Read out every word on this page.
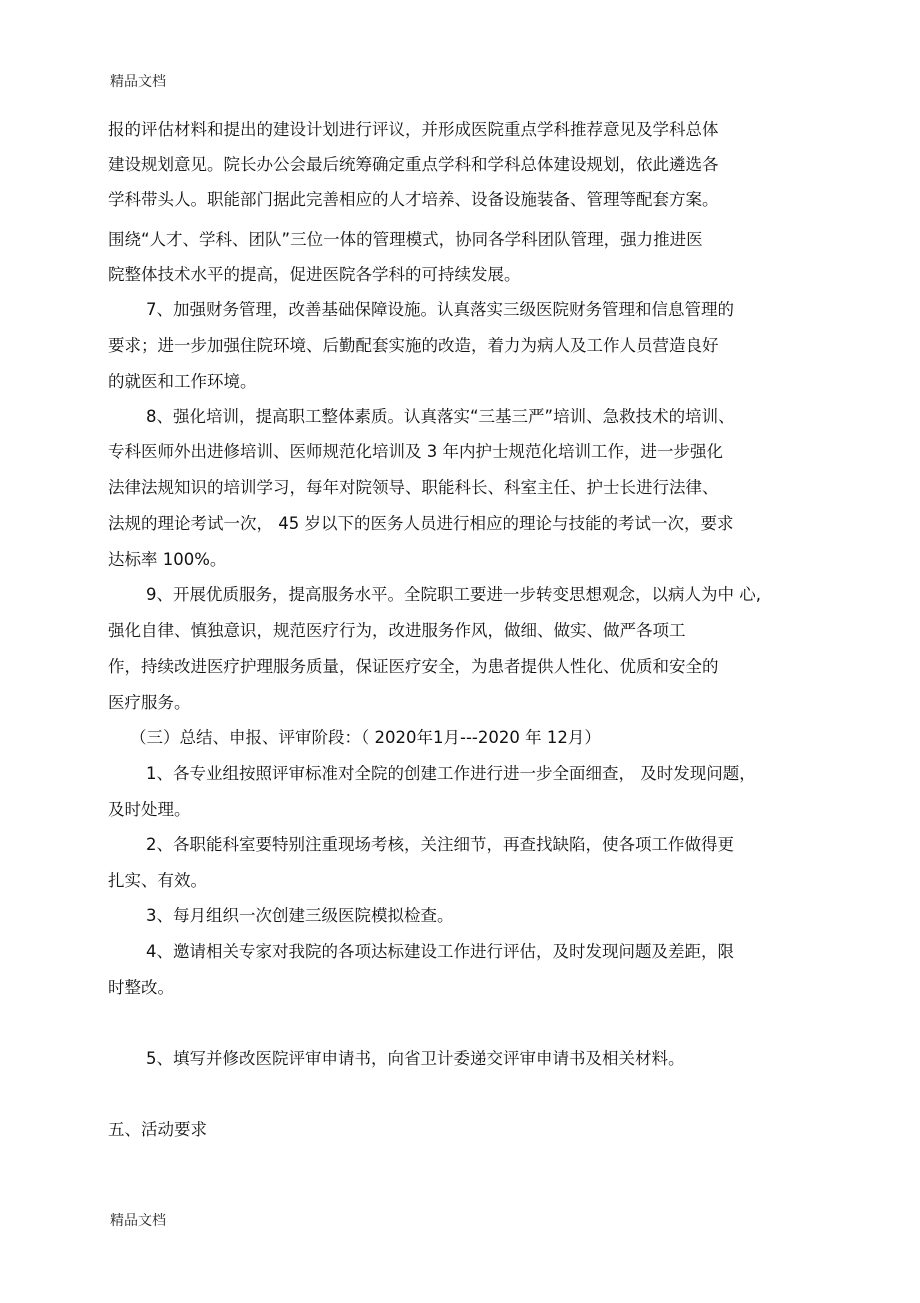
精品文档
报的评估材料和提出的建设计划进行评议，并形成医院重点学科推荐意见及学科总体
建设规划意见。院长办公会最后统筹确定重点学科和学科总体建设规划，依此遴选各
学科带头人。职能部门据此完善相应的人才培养、设备设施装备、管理等配套方案。
围绕“人才、学科、团队”三位一体的管理模式，协同各学科团队管理，强力推进医
院整体技术水平的提高，促进医院各学科的可持续发展。
7、加强财务管理，改善基础保障设施。认真落实三级医院财务管理和信息管理的
要求；进一步加强住院环境、后勤配套实施的改造，着力为病人及工作人员营造良好
的就医和工作环境。
8、强化培训，提高职工整体素质。认真落实“三基三严”培训、急救技术的培训、
专科医师外出进修培训、医师规范化培训及 3 年内护士规范化培训工作，进一步强化
法律法规知识的培训学习，每年对院领导、职能科长、科室主任、护士长进行法律、
法规的理论考试一次， 45 岁以下的医务人员进行相应的理论与技能的考试一次，要求
达标率 100%。
9、开展优质服务，提高服务水平。全院职工要进一步转变思想观念，以病人为中 心,
强化自律、慎独意识，规范医疗行为，改进服务作风，做细、做实、做严各项工
作，持续改进医疗护理服务质量，保证医疗安全，为患者提供人性化、优质和安全的
医疗服务。
（三）总结、申报、评审阶段：（ 2020年1月---2020 年 12月）
1、各专业组按照评审标准对全院的创建工作进行进一步全面细查， 及时发现问题，
及时处理。
2、各职能科室要特别注重现场考核，关注细节，再查找缺陷，使各项工作做得更
扎实、有效。
3、每月组织一次创建三级医院模拟检查。
4、邀请相关专家对我院的各项达标建设工作进行评估，及时发现问题及差距，限
时整改。
5、填写并修改医院评审申请书，向省卫计委递交评审申请书及相关材料。
五、活动要求
精品文档
